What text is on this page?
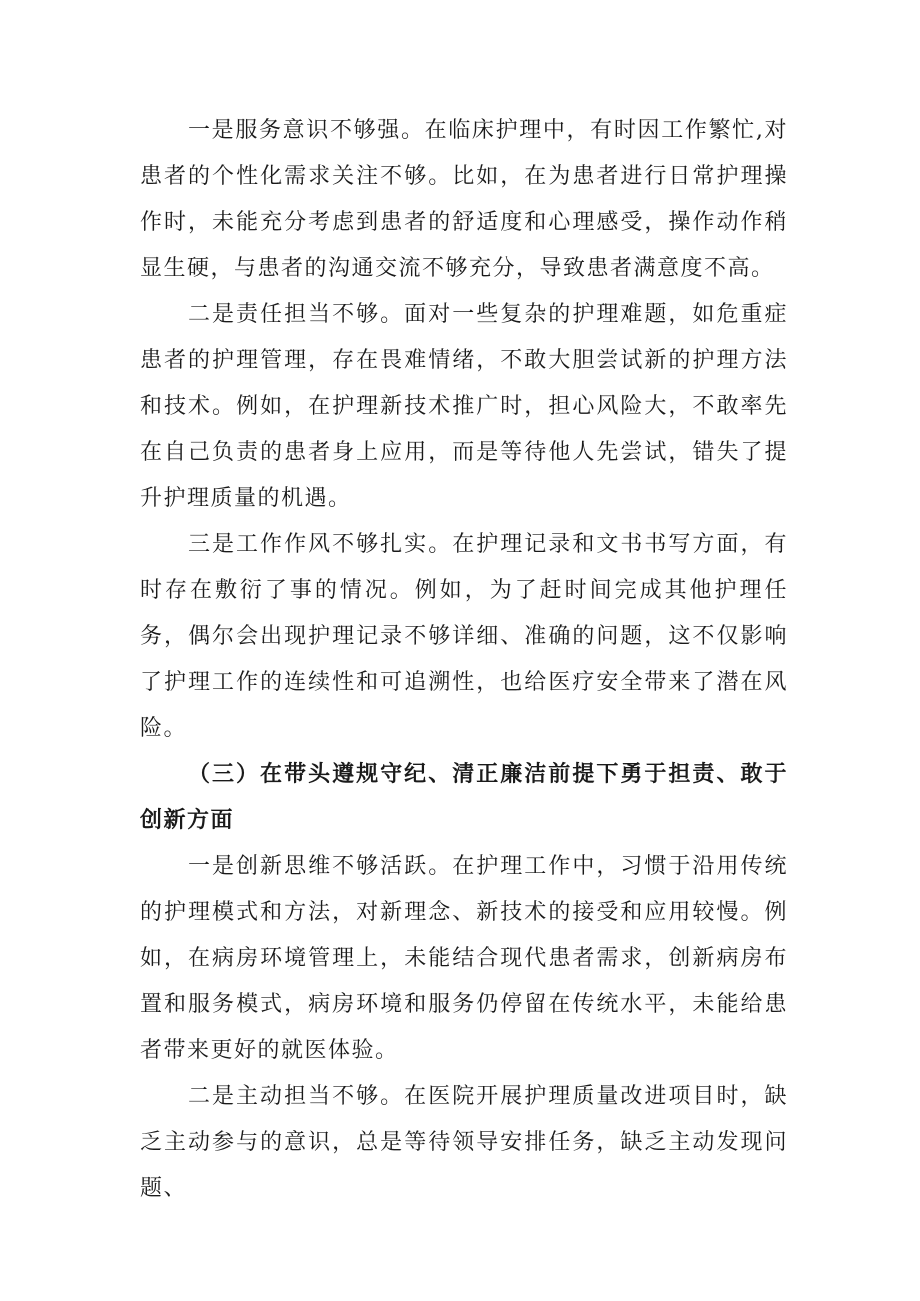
一是服务意识不够强。在临床护理中，有时因工作繁忙,对患者的个性化需求关注不够。比如，在为患者进行日常护理操作时，未能充分考虑到患者的舒适度和心理感受，操作动作稍显生硬，与患者的沟通交流不够充分，导致患者满意度不高。

二是责任担当不够。面对一些复杂的护理难题，如危重症患者的护理管理，存在畏难情绪，不敢大胆尝试新的护理方法和技术。例如，在护理新技术推广时，担心风险大，不敢率先在自己负责的患者身上应用，而是等待他人先尝试，错失了提升护理质量的机遇。

三是工作作风不够扎实。在护理记录和文书书写方面，有时存在敷衍了事的情况。例如，为了赶时间完成其他护理任务，偶尔会出现护理记录不够详细、准确的问题，这不仅影响了护理工作的连续性和可追溯性，也给医疗安全带来了潜在风险。

（三）在带头遵规守纪、清正廉洁前提下勇于担责、敢于创新方面

一是创新思维不够活跃。在护理工作中，习惯于沿用传统的护理模式和方法，对新理念、新技术的接受和应用较慢。例如，在病房环境管理上，未能结合现代患者需求，创新病房布置和服务模式，病房环境和服务仍停留在传统水平，未能给患者带来更好的就医体验。

二是主动担当不够。在医院开展护理质量改进项目时，缺乏主动参与的意识，总是等待领导安排任务，缺乏主动发现问题、
